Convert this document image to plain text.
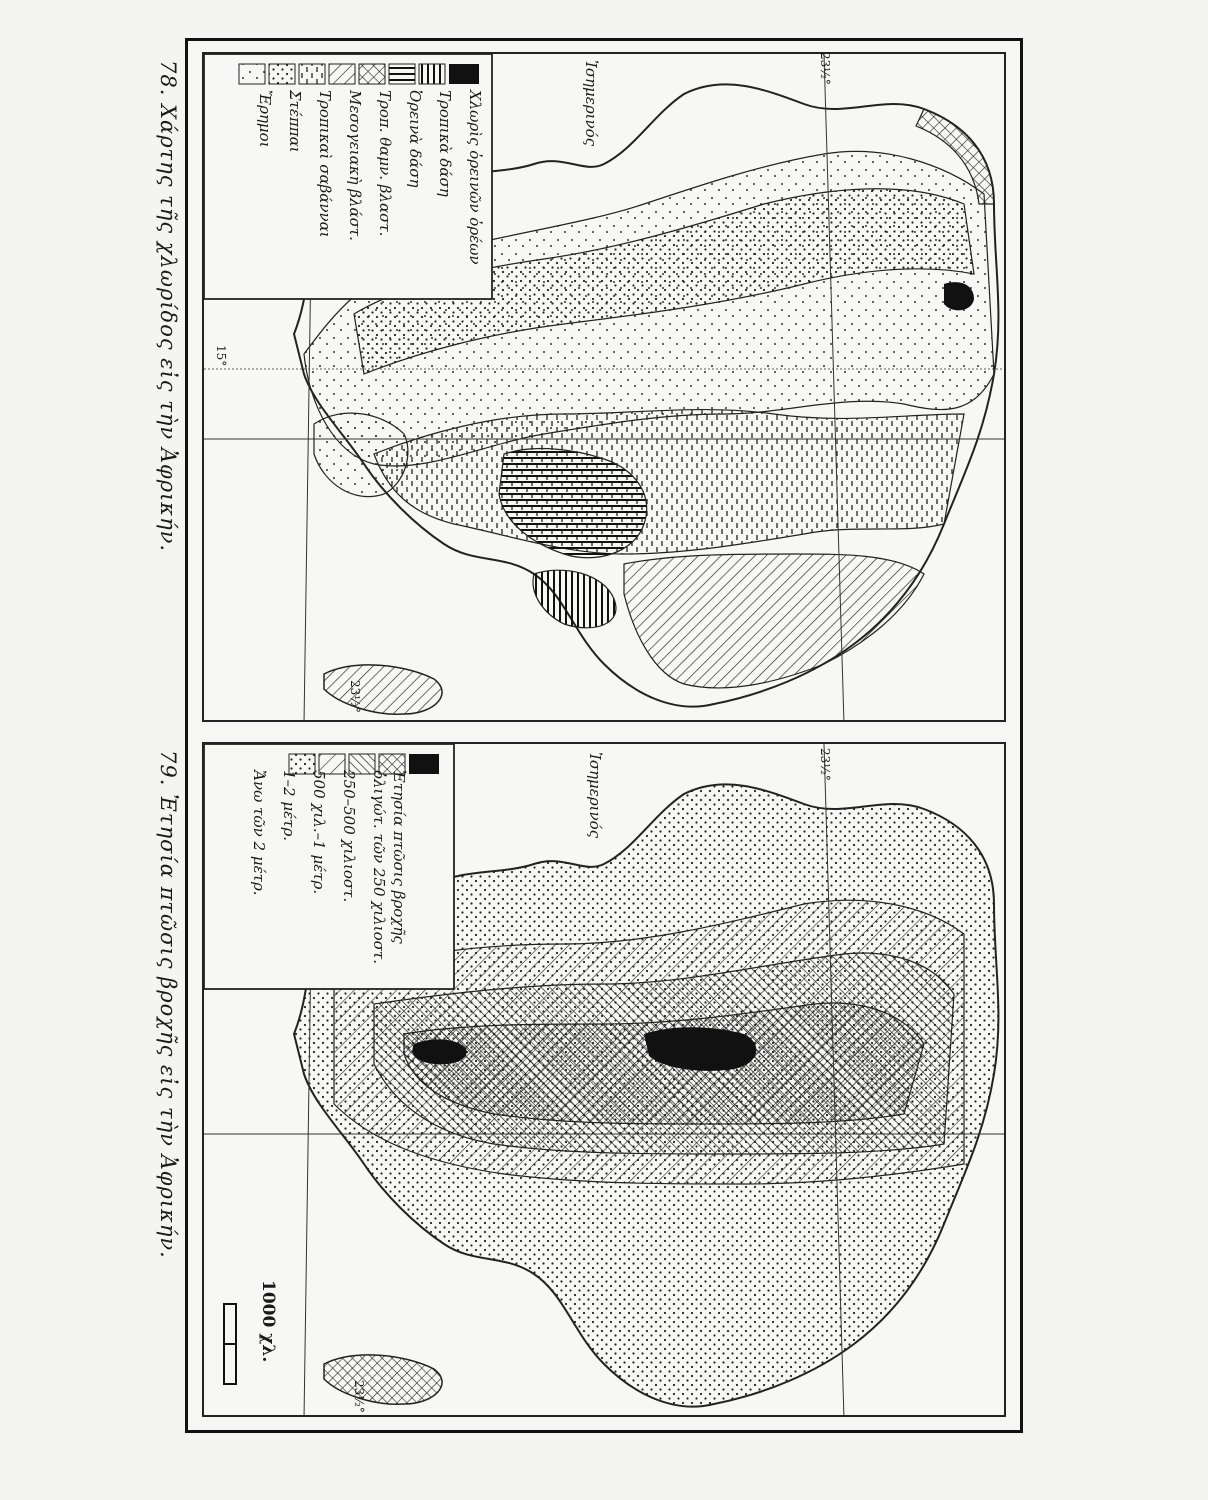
78. Χάρτης τῆς χλωρίδος εἰς τὴν Ἀφρικήν.
79. Ἐτησία πτῶσις βροχῆς εἰς τὴν Ἀφρικήν.
Χλωρὶς ὀρεινῶν ὀρέων
Τροπικὰ δάση
Ὀρεινὰ δάση
Τροπ. θαμν. βλαστ.
Μεσογειακὴ βλάστ.
Τροπικαὶ σαβάνναι
Στέππαι
Ἔρημοι	Ἰσημερινός
15°
23½°
23½°
Ἐτησία πτῶσις βροχῆς
ὀλιγώτ. τῶν 250 χιλιοστ.
250–500 χιλιοστ.
500 χιλ.–1 μέτρ.
1–2 μέτρ.
Ἄνω τῶν 2 μέτρ.	Ἰσημερινός	23½°
23½°
1000 χλ.
